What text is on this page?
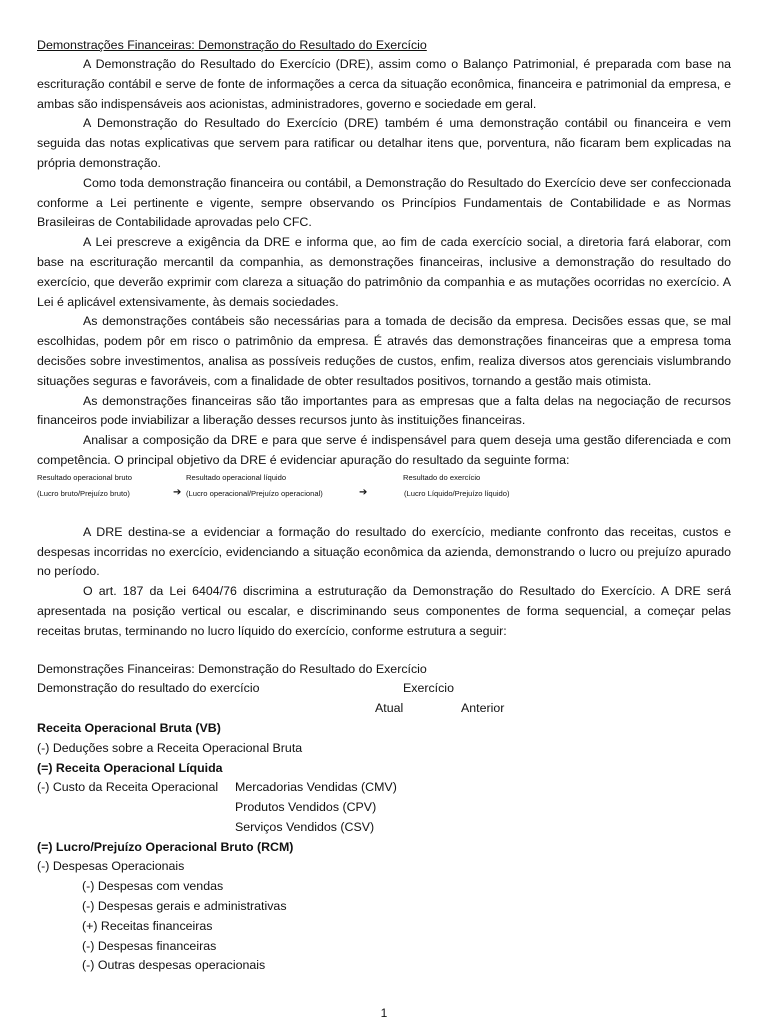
Demonstrações Financeiras: Demonstração do Resultado do Exercício

A Demonstração do Resultado do Exercício (DRE), assim como o Balanço Patrimonial, é preparada com base na escrituração contábil e serve de fonte de informações a cerca da situação econômica, financeira e patrimonial da empresa, e ambas são indispensáveis aos acionistas, administradores, governo e sociedade em geral.

A Demonstração do Resultado do Exercício (DRE) também é uma demonstração contábil ou financeira e vem seguida das notas explicativas que servem para ratificar ou detalhar itens que, porventura, não ficaram bem explicadas na própria demonstração.

Como toda demonstração financeira ou contábil, a Demonstração do Resultado do Exercício deve ser confeccionada conforme a Lei pertinente e vigente, sempre observando os Princípios Fundamentais de Contabilidade e as Normas Brasileiras de Contabilidade aprovadas pelo CFC.

A Lei prescreve a exigência da DRE e informa que, ao fim de cada exercício social, a diretoria fará elaborar, com base na escrituração mercantil da companhia, as demonstrações financeiras, inclusive a demonstração do resultado do exercício, que deverão exprimir com clareza a situação do patrimônio da companhia e as mutações ocorridas no exercício. A Lei é aplicável extensivamente, às demais sociedades.

As demonstrações contábeis são necessárias para a tomada de decisão da empresa. Decisões essas que, se mal escolhidas, podem pôr em risco o patrimônio da empresa. É através das demonstrações financeiras que a empresa toma decisões sobre investimentos, analisa as possíveis reduções de custos, enfim, realiza diversos atos gerenciais vislumbrando situações seguras e favoráveis, com a finalidade de obter resultados positivos, tornando a gestão mais otimista.

As demonstrações financeiras são tão importantes para as empresas que a falta delas na negociação de recursos financeiros pode inviabilizar a liberação desses recursos junto às instituições financeiras.

Analisar a composição da DRE e para que serve é indispensável para quem deseja uma gestão diferenciada e com competência. O principal objetivo da DRE é evidenciar apuração do resultado da seguinte forma:

Resultado operacional bruto	Resultado operacional líquido	Resultado do exercício
(Lucro bruto/Prejuízo bruto)	➔ (Lucro operacional/Prejuízo operacional)	➔	(Lucro Líquido/Prejuízo líquido)

A DRE destina-se a evidenciar a formação do resultado do exercício, mediante confronto das receitas, custos e despesas incorridas no exercício, evidenciando a situação econômica da azienda, demonstrando o lucro ou prejuízo apurado no período.

O art. 187 da Lei 6404/76 discrimina a estruturação da Demonstração do Resultado do Exercício. A DRE será apresentada na posição vertical ou escalar, e discriminando seus componentes de forma sequencial, a começar pelas receitas brutas, terminando no lucro líquido do exercício, conforme estrutura a seguir:

Demonstrações Financeiras: Demonstração do Resultado do Exercício
Demonstração do resultado do exercício	Exercício
Atual	Anterior
Receita Operacional Bruta (VB)
(-) Deduções sobre a Receita Operacional Bruta
(=) Receita Operacional Líquida
(-) Custo da Receita Operacional Mercadorias Vendidas (CMV)
Produtos Vendidos (CPV)
Serviços Vendidos (CSV)
(=) Lucro/Prejuízo Operacional Bruto (RCM)
(-) Despesas Operacionais
(-) Despesas com vendas
(-) Despesas gerais e administrativas
(+) Receitas financeiras
(-) Despesas financeiras
(-) Outras despesas operacionais
1
